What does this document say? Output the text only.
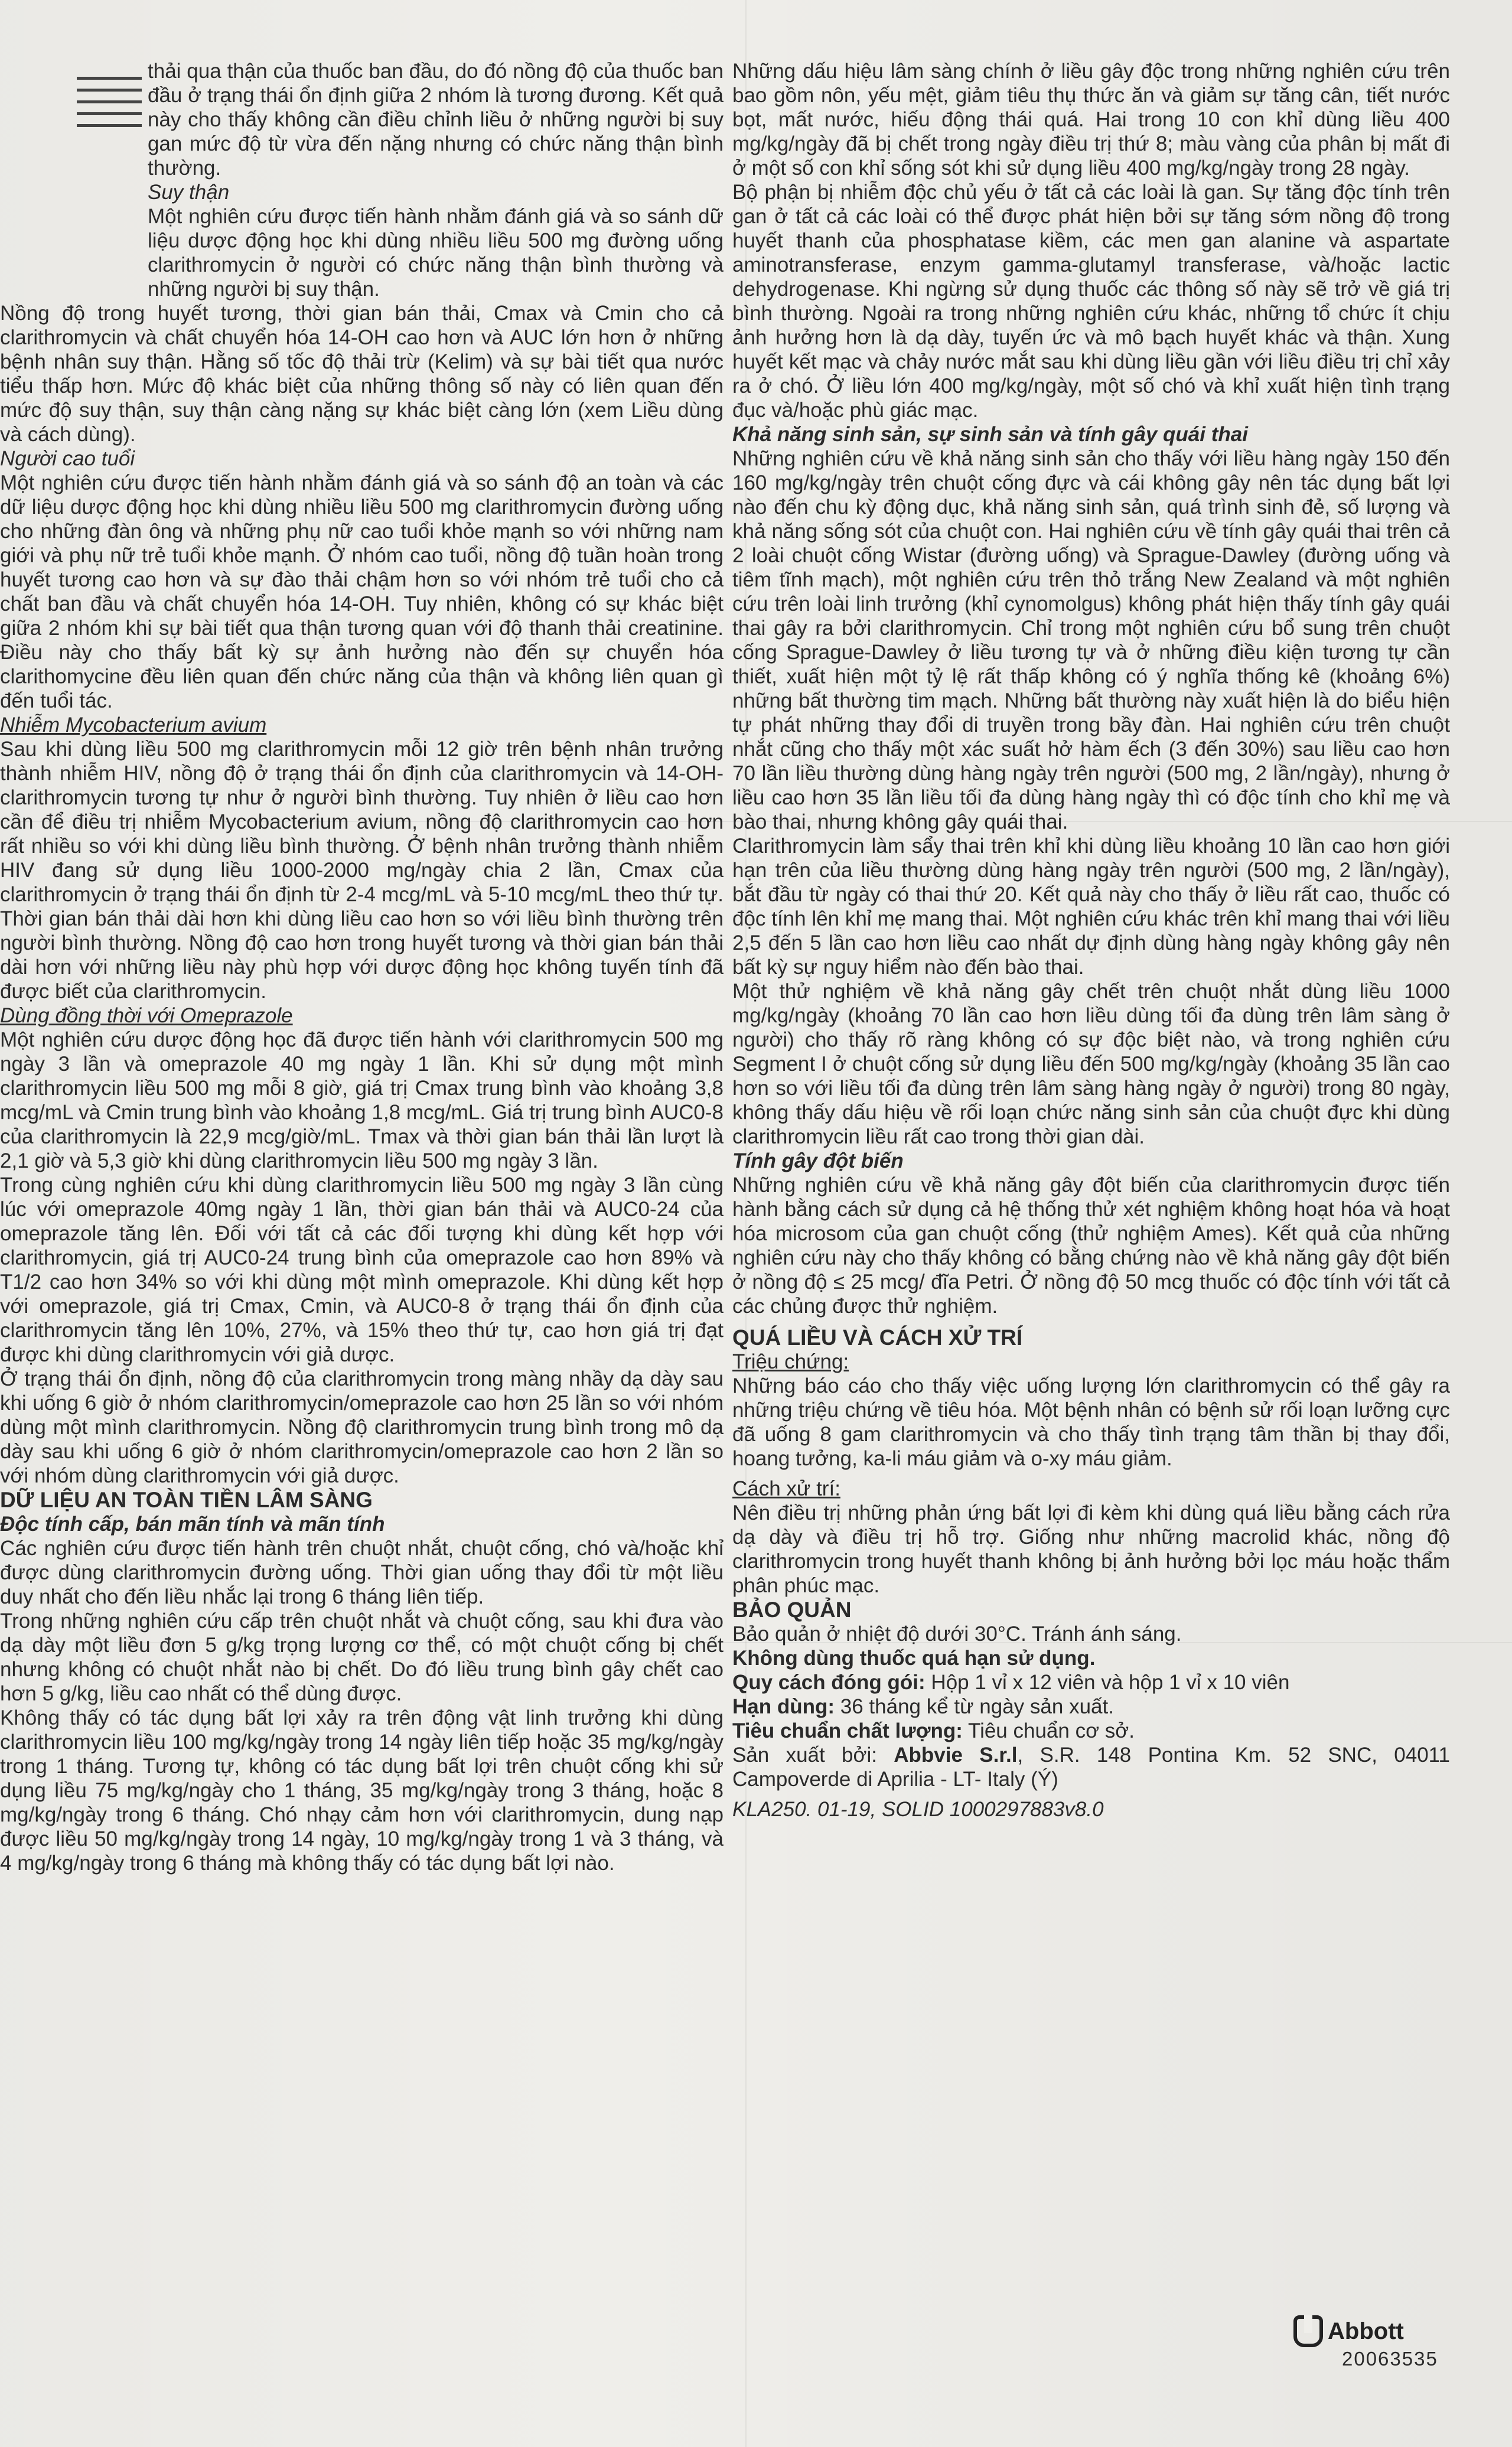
thải qua thận của thuốc ban đầu, do đó nồng độ của thuốc ban đầu ở trạng thái ổn định giữa 2 nhóm là tương đương. Kết quả này cho thấy không cần điều chỉnh liều ở những người bị suy gan mức độ từ vừa đến nặng nhưng có chức năng thận bình thường.

Suy thận

Một nghiên cứu được tiến hành nhằm đánh giá và so sánh dữ liệu dược động học khi dùng nhiều liều 500 mg đường uống clarithromycin ở người có chức năng thận bình thường và những người bị suy thận.

Nồng độ trong huyết tương, thời gian bán thải, Cmax và Cmin cho cả clarithromycin và chất chuyển hóa 14-OH cao hơn và AUC lớn hơn ở những bệnh nhân suy thận. Hằng số tốc độ thải trừ (Kelim) và sự bài tiết qua nước tiểu thấp hơn. Mức độ khác biệt của những thông số này có liên quan đến mức độ suy thận, suy thận càng nặng sự khác biệt càng lớn (xem Liều dùng và cách dùng).

Người cao tuổi

Một nghiên cứu được tiến hành nhằm đánh giá và so sánh độ an toàn và các dữ liệu dược động học khi dùng nhiều liều 500 mg clarithromycin đường uống cho những đàn ông và những phụ nữ cao tuổi khỏe mạnh so với những nam giới và phụ nữ trẻ tuổi khỏe mạnh. Ở nhóm cao tuổi, nồng độ tuần hoàn trong huyết tương cao hơn và sự đào thải chậm hơn so với nhóm trẻ tuổi cho cả chất ban đầu và chất chuyển hóa 14-OH. Tuy nhiên, không có sự khác biệt giữa 2 nhóm khi sự bài tiết qua thận tương quan với độ thanh thải creatinine. Điều này cho thấy bất kỳ sự ảnh hưởng nào đến sự chuyển hóa clarithomycine đều liên quan đến chức năng của thận và không liên quan gì đến tuổi tác.

Nhiễm Mycobacterium avium

Sau khi dùng liều 500 mg clarithromycin mỗi 12 giờ trên bệnh nhân trưởng thành nhiễm HIV, nồng độ ở trạng thái ổn định của clarithromycin và 14-OH-clarithromycin tương tự như ở người bình thường. Tuy nhiên ở liều cao hơn cần để điều trị nhiễm Mycobacterium avium, nồng độ clarithromycin cao hơn rất nhiều so với khi dùng liều bình thường. Ở bệnh nhân trưởng thành nhiễm HIV đang sử dụng liều 1000-2000 mg/ngày chia 2 lần, Cmax của clarithromycin ở trạng thái ổn định từ 2-4 mcg/mL và 5-10 mcg/mL theo thứ tự. Thời gian bán thải dài hơn khi dùng liều cao hơn so với liều bình thường trên người bình thường. Nồng độ cao hơn trong huyết tương và thời gian bán thải dài hơn với những liều này phù hợp với dược động học không tuyến tính đã được biết của clarithromycin.

Dùng đồng thời với Omeprazole

Một nghiên cứu dược động học đã được tiến hành với clarithromycin 500 mg ngày 3 lần và omeprazole 40 mg ngày 1 lần. Khi sử dụng một mình clarithromycin liều 500 mg mỗi 8 giờ, giá trị Cmax trung bình vào khoảng 3,8 mcg/mL và Cmin trung bình vào khoảng 1,8 mcg/mL. Giá trị trung bình AUC0-8 của clarithromycin là 22,9 mcg/giờ/mL. Tmax và thời gian bán thải lần lượt là 2,1 giờ và 5,3 giờ khi dùng clarithromycin liều 500 mg ngày 3 lần.

Trong cùng nghiên cứu khi dùng clarithromycin liều 500 mg ngày 3 lần cùng lúc với omeprazole 40mg ngày 1 lần, thời gian bán thải và AUC0-24 của omeprazole tăng lên. Đối với tất cả các đối tượng khi dùng kết hợp với clarithromycin, giá trị AUC0-24 trung bình của omeprazole cao hơn 89% và T1/2 cao hơn 34% so với khi dùng một mình omeprazole. Khi dùng kết hợp với omeprazole, giá trị Cmax, Cmin, và AUC0-8 ở trạng thái ổn định của clarithromycin tăng lên 10%, 27%, và 15% theo thứ tự, cao hơn giá trị đạt được khi dùng clarithromycin với giả dược.

Ở trạng thái ổn định, nồng độ của clarithromycin trong màng nhầy dạ dày sau khi uống 6 giờ ở nhóm clarithromycin/omeprazole cao hơn 25 lần so với nhóm dùng một mình clarithromycin. Nồng độ clarithromycin trung bình trong mô dạ dày sau khi uống 6 giờ ở nhóm clarithromycin/omeprazole cao hơn 2 lần so với nhóm dùng clarithromycin với giả dược.

DỮ LIỆU AN TOÀN TIỀN LÂM SÀNG

Độc tính cấp, bán mãn tính và mãn tính

Các nghiên cứu được tiến hành trên chuột nhắt, chuột cống, chó và/hoặc khỉ được dùng clarithromycin đường uống. Thời gian uống thay đổi từ một liều duy nhất cho đến liều nhắc lại trong 6 tháng liên tiếp.

Trong những nghiên cứu cấp trên chuột nhắt và chuột cống, sau khi đưa vào dạ dày một liều đơn 5 g/kg trọng lượng cơ thể, có một chuột cống bị chết nhưng không có chuột nhắt nào bị chết. Do đó liều trung bình gây chết cao hơn 5 g/kg, liều cao nhất có thể dùng được.

Không thấy có tác dụng bất lợi xảy ra trên động vật linh trưởng khi dùng clarithromycin liều 100 mg/kg/ngày trong 14 ngày liên tiếp hoặc 35 mg/kg/ngày trong 1 tháng. Tương tự, không có tác dụng bất lợi trên chuột cống khi sử dụng liều 75 mg/kg/ngày cho 1 tháng, 35 mg/kg/ngày trong 3 tháng, hoặc 8 mg/kg/ngày trong 6 tháng. Chó nhạy cảm hơn với clarithromycin, dung nạp được liều 50 mg/kg/ngày trong 14 ngày, 10 mg/kg/ngày trong 1 và 3 tháng, và 4 mg/kg/ngày trong 6 tháng mà không thấy có tác dụng bất lợi nào.

Những dấu hiệu lâm sàng chính ở liều gây độc trong những nghiên cứu trên bao gồm nôn, yếu mệt, giảm tiêu thụ thức ăn và giảm sự tăng cân, tiết nước bọt, mất nước, hiếu động thái quá. Hai trong 10 con khỉ dùng liều 400 mg/kg/ngày đã bị chết trong ngày điều trị thứ 8; màu vàng của phân bị mất đi ở một số con khỉ sống sót khi sử dụng liều 400 mg/kg/ngày trong 28 ngày.

Bộ phận bị nhiễm độc chủ yếu ở tất cả các loài là gan. Sự tăng độc tính trên gan ở tất cả các loài có thể được phát hiện bởi sự tăng sớm nồng độ trong huyết thanh của phosphatase kiềm, các men gan alanine và aspartate aminotransferase, enzym gamma-glutamyl transferase, và/hoặc lactic dehydrogenase. Khi ngừng sử dụng thuốc các thông số này sẽ trở về giá trị bình thường. Ngoài ra trong những nghiên cứu khác, những tổ chức ít chịu ảnh hưởng hơn là dạ dày, tuyến ức và mô bạch huyết khác và thận. Xung huyết kết mạc và chảy nước mắt sau khi dùng liều gần với liều điều trị chỉ xảy ra ở chó. Ở liều lớn 400 mg/kg/ngày, một số chó và khỉ xuất hiện tình trạng đục và/hoặc phù giác mạc.

Khả năng sinh sản, sự sinh sản và tính gây quái thai

Những nghiên cứu về khả năng sinh sản cho thấy với liều hàng ngày 150 đến 160 mg/kg/ngày trên chuột cống đực và cái không gây nên tác dụng bất lợi nào đến chu kỳ động dục, khả năng sinh sản, quá trình sinh đẻ, số lượng và khả năng sống sót của chuột con. Hai nghiên cứu về tính gây quái thai trên cả 2 loài chuột cống Wistar (đường uống) và Sprague-Dawley (đường uống và tiêm tĩnh mạch), một nghiên cứu trên thỏ trắng New Zealand và một nghiên cứu trên loài linh trưởng (khỉ cynomolgus) không phát hiện thấy tính gây quái thai gây ra bởi clarithromycin. Chỉ trong một nghiên cứu bổ sung trên chuột cống Sprague-Dawley ở liều tương tự và ở những điều kiện tương tự cần thiết, xuất hiện một tỷ lệ rất thấp không có ý nghĩa thống kê (khoảng 6%) những bất thường tim mạch. Những bất thường này xuất hiện là do biểu hiện tự phát những thay đổi di truyền trong bầy đàn. Hai nghiên cứu trên chuột nhắt cũng cho thấy một xác suất hở hàm ếch (3 đến 30%) sau liều cao hơn 70 lần liều thường dùng hàng ngày trên người (500 mg, 2 lần/ngày), nhưng ở liều cao hơn 35 lần liều tối đa dùng hàng ngày thì có độc tính cho khỉ mẹ và bào thai, nhưng không gây quái thai.

Clarithromycin làm sẩy thai trên khỉ khi dùng liều khoảng 10 lần cao hơn giới hạn trên của liều thường dùng hàng ngày trên người (500 mg, 2 lần/ngày), bắt đầu từ ngày có thai thứ 20. Kết quả này cho thấy ở liều rất cao, thuốc có độc tính lên khỉ mẹ mang thai. Một nghiên cứu khác trên khỉ mang thai với liều 2,5 đến 5 lần cao hơn liều cao nhất dự định dùng hàng ngày không gây nên bất kỳ sự nguy hiểm nào đến bào thai.

Một thử nghiệm về khả năng gây chết trên chuột nhắt dùng liều 1000 mg/kg/ngày (khoảng 70 lần cao hơn liều dùng tối đa dùng trên lâm sàng ở người) cho thấy rõ ràng không có sự độc biệt nào, và trong nghiên cứu Segment I ở chuột cống sử dụng liều đến 500 mg/kg/ngày (khoảng 35 lần cao hơn so với liều tối đa dùng trên lâm sàng hàng ngày ở người) trong 80 ngày, không thấy dấu hiệu về rối loạn chức năng sinh sản của chuột đực khi dùng clarithromycin liều rất cao trong thời gian dài.

Tính gây đột biến

Những nghiên cứu về khả năng gây đột biến của clarithromycin được tiến hành bằng cách sử dụng cả hệ thống thử xét nghiệm không hoạt hóa và hoạt hóa microsom của gan chuột cống (thử nghiệm Ames). Kết quả của những nghiên cứu này cho thấy không có bằng chứng nào về khả năng gây đột biến ở nồng độ ≤ 25 mcg/ đĩa Petri. Ở nồng độ 50 mcg thuốc có độc tính với tất cả các chủng được thử nghiệm.

QUÁ LIỀU VÀ CÁCH XỬ TRÍ

Triệu chứng:

Những báo cáo cho thấy việc uống lượng lớn clarithromycin có thể gây ra những triệu chứng về tiêu hóa. Một bệnh nhân có bệnh sử rối loạn lưỡng cực đã uống 8 gam clarithromycin và cho thấy tình trạng tâm thần bị thay đổi, hoang tưởng, ka-li máu giảm và o-xy máu giảm.

Cách xử trí:

Nên điều trị những phản ứng bất lợi đi kèm khi dùng quá liều bằng cách rửa dạ dày và điều trị hỗ trợ. Giống như những macrolid khác, nồng độ clarithromycin trong huyết thanh không bị ảnh hưởng bởi lọc máu hoặc thẩm phân phúc mạc.

BẢO QUẢN

Bảo quản ở nhiệt độ dưới 30°C. Tránh ánh sáng.

Không dùng thuốc quá hạn sử dụng.

Quy cách đóng gói: Hộp 1 vỉ x 12 viên và hộp 1 vỉ x 10 viên

Hạn dùng: 36 tháng kể từ ngày sản xuất.

Tiêu chuẩn chất lượng: Tiêu chuẩn cơ sở.

Sản xuất bởi: Abbvie S.r.l, S.R. 148 Pontina Km. 52 SNC, 04011 Campoverde di Aprilia - LT- Italy (Ý)

KLA250. 01-19, SOLID 1000297883v8.0

Abbott
20063535
